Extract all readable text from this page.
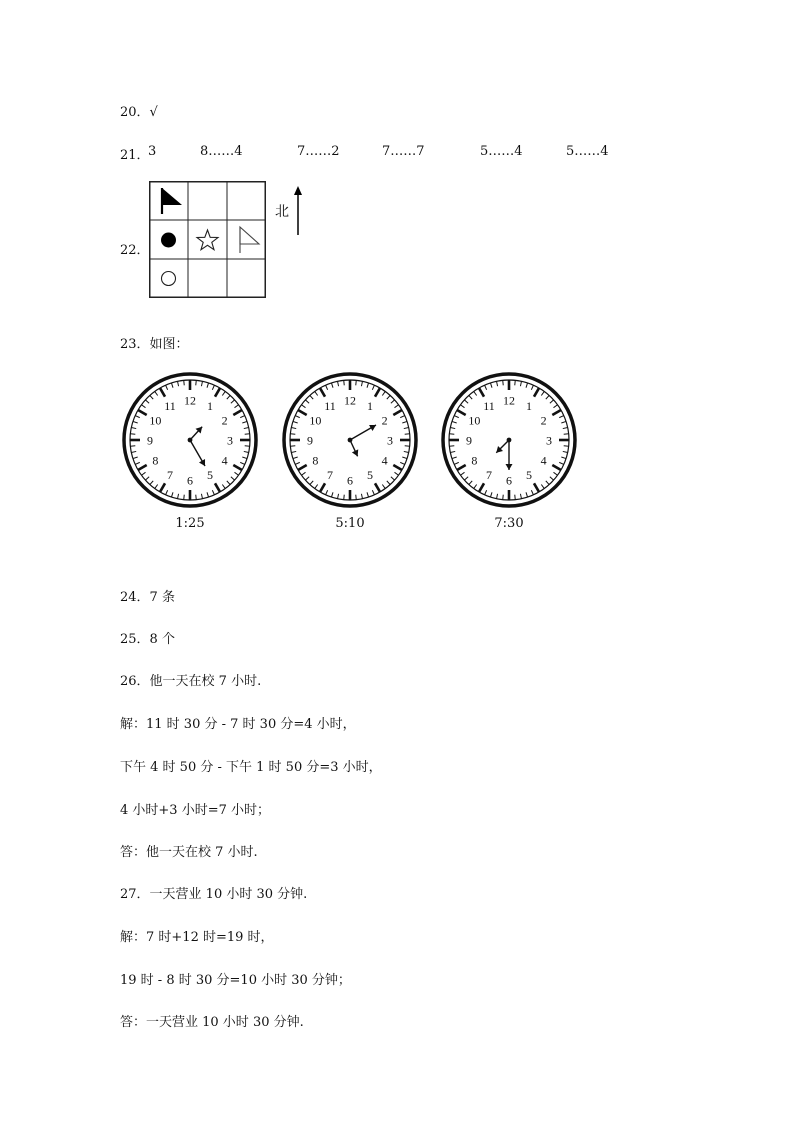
20．√
21．
3	8……4	7……2	7……7	5……4	5……4
22．
北
23．如图：
1
2
3
4
5
6
7
8
9
10
11 12
1:25
1
2
3
4
5
6
7
8
9
10
11 12
5:10
1
2
3
4
5
6
7
8
9
10
11 12
7:30
24．7 条
25．8 个
26．他一天在校 7 小时.
解：11 时 30 分 - 7 时 30 分=4 小时，
下午 4 时 50 分 - 下午 1 时 50 分=3 小时，
4 小时+3 小时=7 小时；
答：他一天在校 7 小时.
27．一天营业 10 小时 30 分钟.
解：7 时+12 时=19 时，
19 时 - 8 时 30 分=10 小时 30 分钟；
答：一天营业 10 小时 30 分钟.
